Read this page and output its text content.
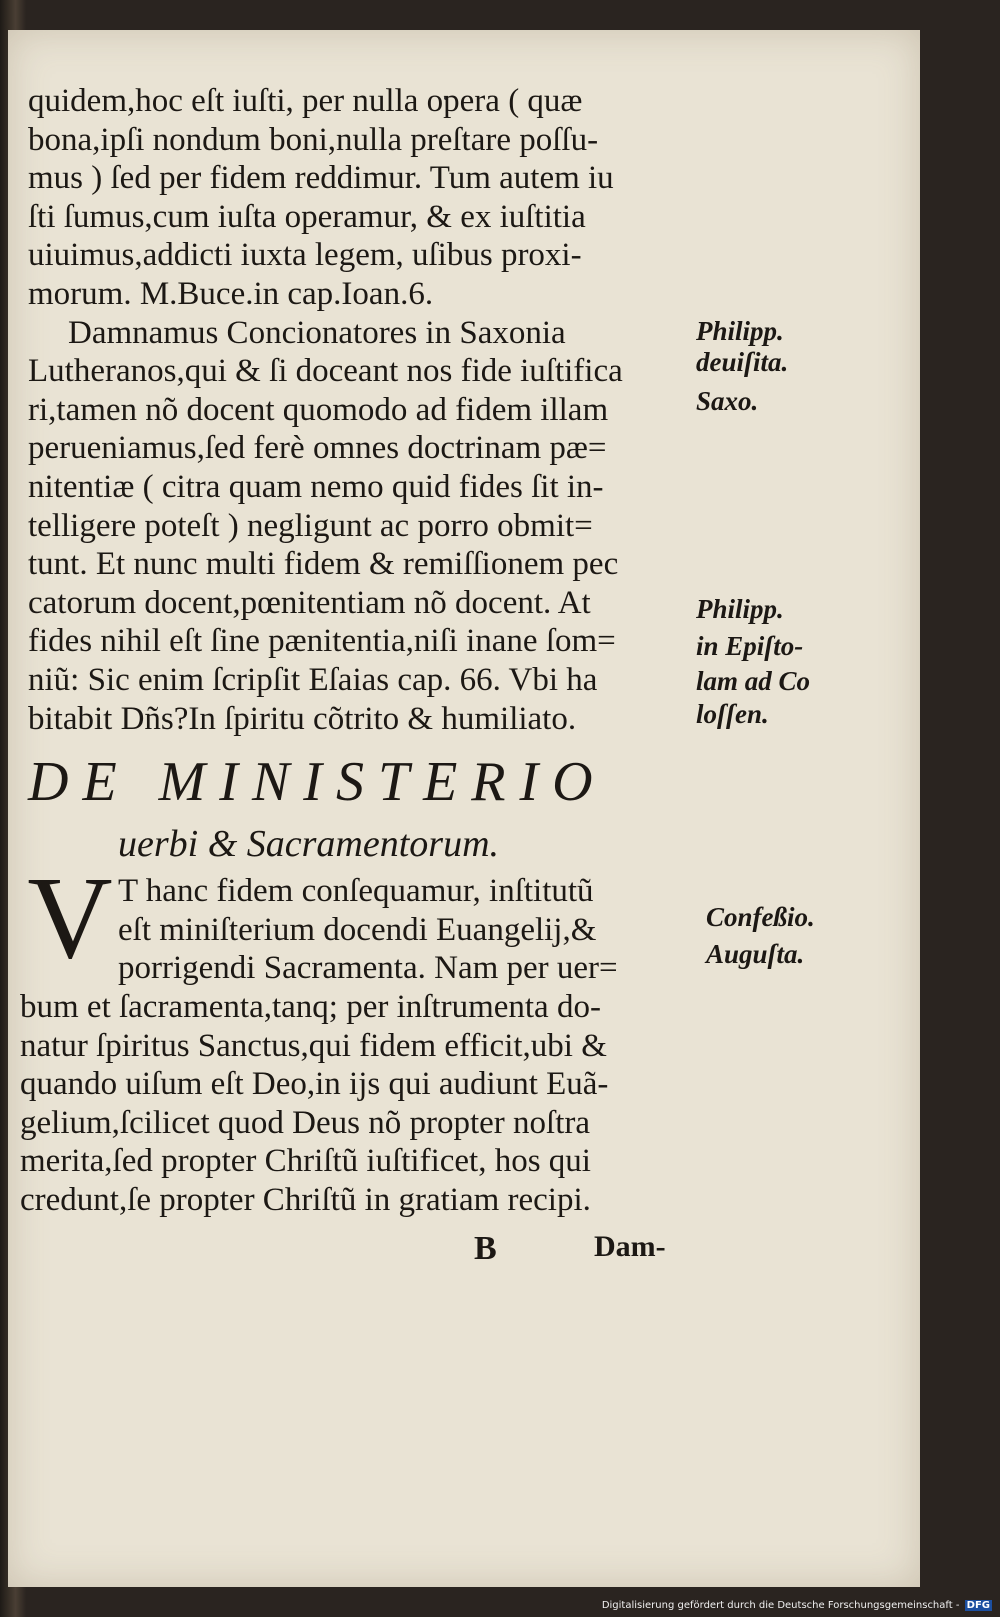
quidem,hoc eſt iuſti, per nulla opera ( quæ
bona,ipſi nondum boni,nulla preſtare poſſu-
mus ) ſed per fidem reddimur. Tum autem iu
ſti ſumus,cum iuſta operamur, & ex iuſtitia
uiuimus,addicti iuxta legem, uſibus proxi-
morum. M.Buce.in cap.Ioan.6.
Damnamus Concionatores in Saxonia
Lutheranos,qui & ſi doceant nos fide iuſtifica
ri,tamen nõ docent quomodo ad fidem illam
perueniamus,ſed ferè omnes doctrinam pæ=
nitentiæ ( citra quam nemo quid fides ſit in-
telligere poteſt ) negligunt ac porro obmit=
tunt. Et nunc multi fidem & remiſſionem pec
catorum docent,pœnitentiam nõ docent. At
fides nihil eſt ſine pænitentia,niſi inane ſom=
niũ: Sic enim ſcripſit Eſaias cap. 66. Vbi ha
bitabit Dñs?In ſpiritu cõtrito & humiliato.
Philipp.
deuiſita.
Saxo.
Philipp.
in Epiſto-
lam ad Co
loſſen.
DE MINISTERIO
uerbi & Sacramentorum.
V T hanc fidem conſequamur, inſtitutũ
eſt miniſterium docendi Euangelij,&
porrigendi Sacramenta. Nam per uer=
Confeßio.
Auguſta.
bum et ſacramenta,tanq; per inſtrumenta do-
natur ſpiritus Sanctus,qui fidem efficit,ubi &
quando uiſum eſt Deo,in ijs qui audiunt Euã-
gelium,ſcilicet quod Deus nõ propter noſtra
merita,ſed propter Chriſtũ iuſtificet, hos qui
credunt,ſe propter Chriſtũ in gratiam recipi.
B	Dam-
Digitalisierung gefördert durch die Deutsche Forschungsgemeinschaft - DFG
